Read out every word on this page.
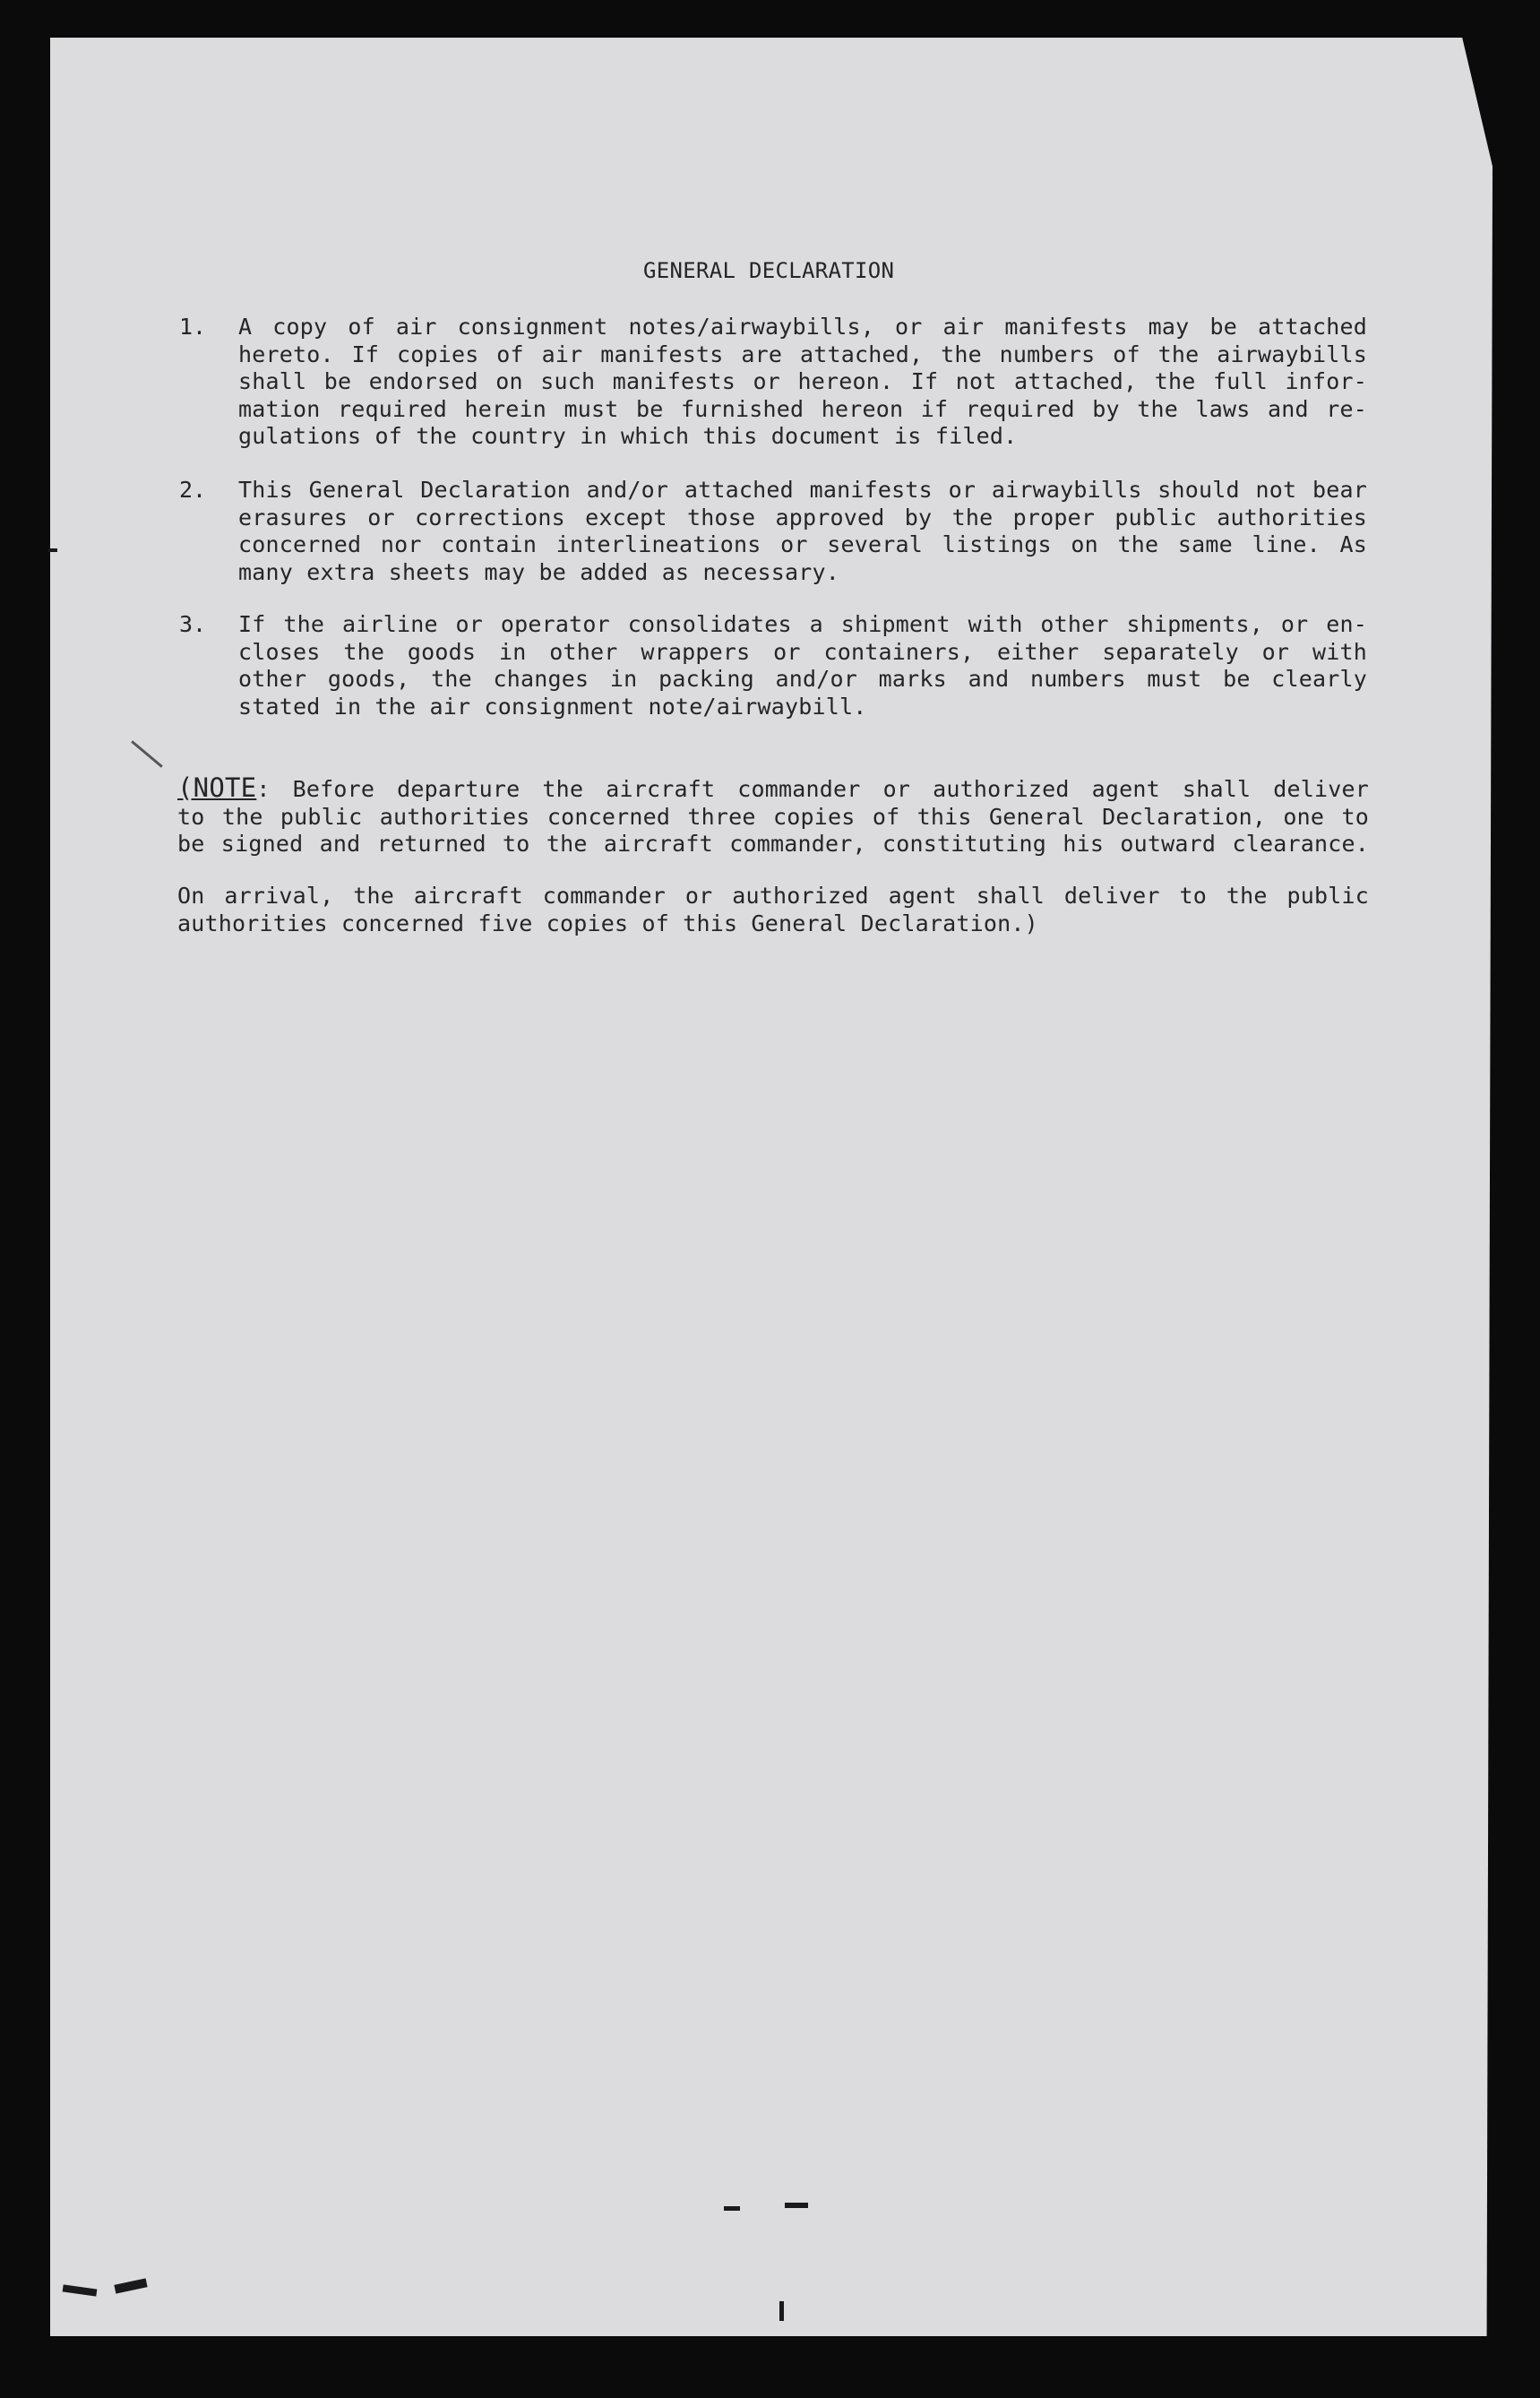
GENERAL DECLARATION
1. A copy of air consignment notes/airwaybills, or air manifests may be attached
hereto. If copies of air manifests are attached, the numbers of the airwaybills
shall be endorsed on such manifests or hereon. If not attached, the full infor-
mation required herein must be furnished hereon if required by the laws and re-
gulations of the country in which this document is filed.
2. This General Declaration and/or attached manifests or airwaybills should not bear
erasures or corrections except those approved by the proper public authorities
concerned nor contain interlineations or several listings on the same line. As
many extra sheets may be added as necessary.
3. If the airline or operator consolidates a shipment with other shipments, or en-
closes the goods in other wrappers or containers, either separately or with
other goods, the changes in packing and/or marks and numbers must be clearly
stated in the air consignment note/airwaybill.
(NOTE: Before departure the aircraft commander or authorized agent shall deliver
to the public authorities concerned three copies of this General Declaration, one to
be signed and returned to the aircraft commander, constituting his outward clearance.
On arrival, the aircraft commander or authorized agent shall deliver to the public
authorities concerned five copies of this General Declaration.)
